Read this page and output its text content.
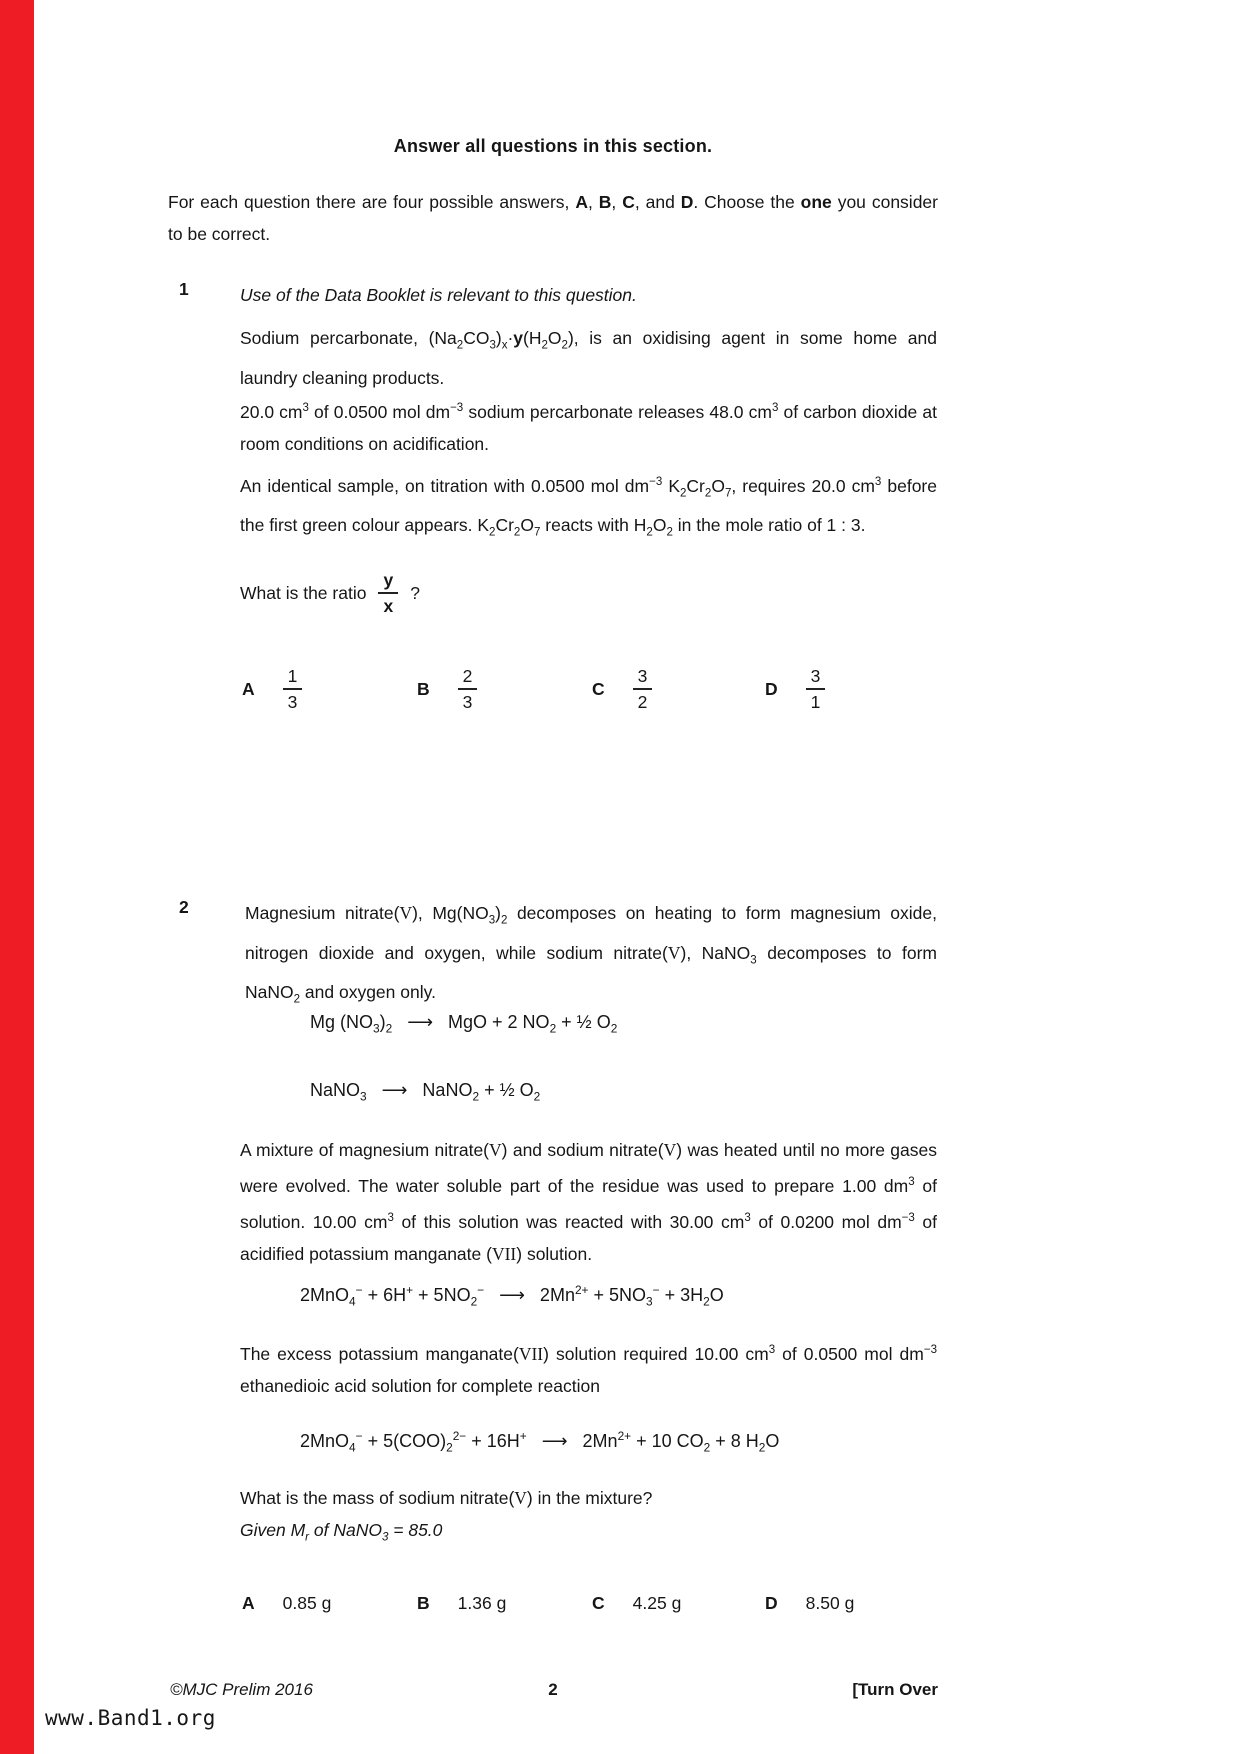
Answer all questions in this section.
For each question there are four possible answers, A, B, C, and D. Choose the one you consider to be correct.
1	Use of the Data Booklet is relevant to this question.
Sodium percarbonate, $(Na_2CO_3)_x\cdot y(H_2O_2)$, is an oxidising agent in some home and laundry cleaning products.
20.0 $cm^3$ of 0.0500 mol $dm^{-3}$ sodium percarbonate releases 48.0 $cm^3$ of carbon dioxide at room conditions on acidification.
An identical sample, on titration with 0.0500 mol $dm^{-3}$ $K_2Cr_2O_7$, requires 20.0 $cm^3$ before the first green colour appears. $K_2Cr_2O_7$ reacts with $H_2O_2$ in the mole ratio of 1 : 3.
What is the ratio $\frac{y}{x}$ ?
A $\frac{1}{3}$	B $\frac{2}{3}$	C $\frac{3}{2}$	D $\frac{3}{1}$
2	Magnesium nitrate(V), $Mg(NO_3)_2$ decomposes on heating to form magnesium oxide, nitrogen dioxide and oxygen, while sodium nitrate(V), NaNO$_3$ decomposes to form NaNO$_2$ and oxygen only.
Mg $(NO_3)_2$   ⟶   MgO + 2 $NO_2$ + ½ $O_2$
NaNO$_3$   ⟶   NaNO$_2$ + ½ $O_2$
A mixture of magnesium nitrate(V) and sodium nitrate(V) was heated until no more gases were evolved. The water soluble part of the residue was used to prepare 1.00 $dm^3$ of solution. 10.00 $cm^3$ of this solution was reacted with 30.00 $cm^3$ of 0.0200 mol $dm^{-3}$ of acidified potassium manganate (VII) solution.
$2MnO_4^- + 6H^+ + 5NO_2^-$   ⟶   $2Mn^{2+} + 5NO_3^- + 3H_2O$
The excess potassium manganate(VII) solution required 10.00 $cm^3$ of 0.0500 mol $dm^{-3}$ ethanedioic acid solution for complete reaction
$2MnO_4^- + 5(COO)_2^{2-} + 16H^+$   ⟶   $2Mn^{2+} + 10$ $CO_2 + 8$ $H_2O$
What is the mass of sodium nitrate(V) in the mixture?
Given $M_r$ of NaNO$_3$ = 85.0
A 0.85 g	B 1.36 g	C 4.25 g	D 8.50 g
©MJC Prelim 2016	2	[Turn Over
www.Band1.org
